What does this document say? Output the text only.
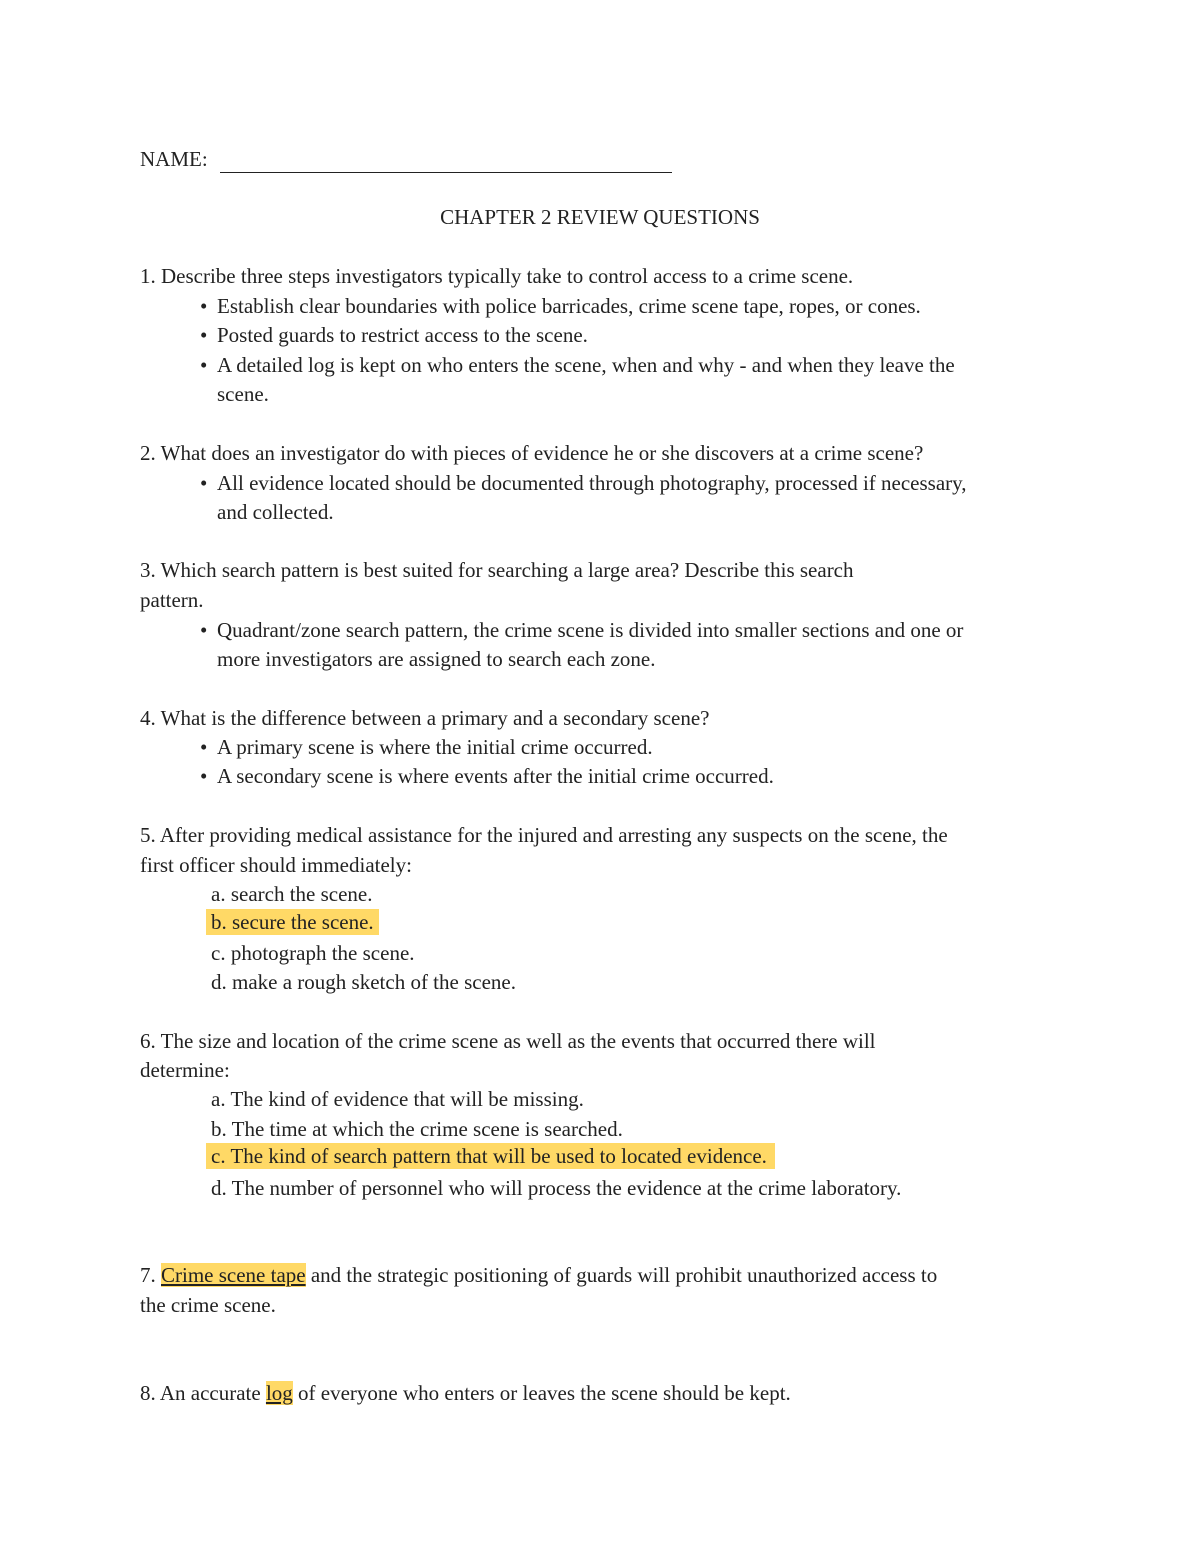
NAME:
CHAPTER 2 REVIEW QUESTIONS
1. Describe three steps investigators typically take to control access to a crime scene.
• Establish clear boundaries with police barricades, crime scene tape, ropes, or cones.
• Posted guards to restrict access to the scene.
• A detailed log is kept on who enters the scene, when and why - and when they leave the
scene.
2. What does an investigator do with pieces of evidence he or she discovers at a crime scene?
• All evidence located should be documented through photography, processed if necessary,
and collected.
3. Which search pattern is best suited for searching a large area? Describe this search
pattern.
• Quadrant/zone search pattern, the crime scene is divided into smaller sections and one or
more investigators are assigned to search each zone.
4. What is the difference between a primary and a secondary scene?
• A primary scene is where the initial crime occurred.
• A secondary scene is where events after the initial crime occurred.
5. After providing medical assistance for the injured and arresting any suspects on the scene, the
first officer should immediately:
a. search the scene.
b. secure the scene.
c. photograph the scene.
d. make a rough sketch of the scene.
6. The size and location of the crime scene as well as the events that occurred there will
determine:
a. The kind of evidence that will be missing.
b. The time at which the crime scene is searched.
c. The kind of search pattern that will be used to located evidence.
d. The number of personnel who will process the evidence at the crime laboratory.
7. Crime scene tape and the strategic positioning of guards will prohibit unauthorized access to
the crime scene.
8. An accurate log of everyone who enters or leaves the scene should be kept.
